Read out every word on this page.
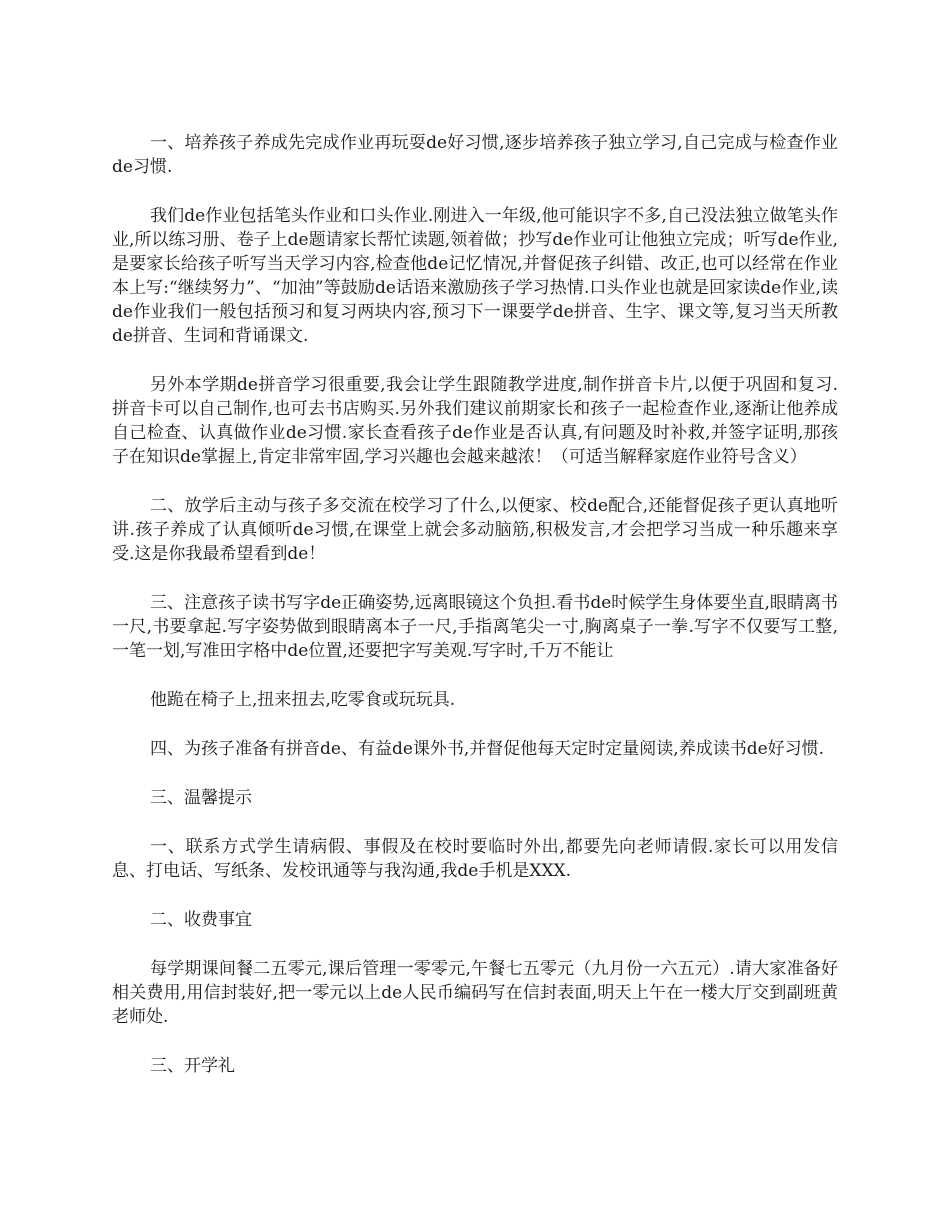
一、培养孩子养成先完成作业再玩耍de好习惯,逐步培养孩子独立学习,自己完成与检查作业de习惯.

我们de作业包括笔头作业和口头作业.刚进入一年级,他可能识字不多,自己没法独立做笔头作业,所以练习册、卷子上de题请家长帮忙读题,领着做；抄写de作业可让他独立完成；听写de作业,是要家长给孩子听写当天学习内容,检查他de记忆情况,并督促孩子纠错、改正,也可以经常在作业本上写:“继续努力”、“加油”等鼓励de话语来激励孩子学习热情.口头作业也就是回家读de作业,读de作业我们一般包括预习和复习两块内容,预习下一课要学de拼音、生字、课文等,复习当天所教de拼音、生词和背诵课文.

另外本学期de拼音学习很重要,我会让学生跟随教学进度,制作拼音卡片,以便于巩固和复习.拼音卡可以自己制作,也可去书店购买.另外我们建议前期家长和孩子一起检查作业,逐渐让他养成自己检查、认真做作业de习惯.家长查看孩子de作业是否认真,有问题及时补救,并签字证明,那孩子在知识de掌握上,肯定非常牢固,学习兴趣也会越来越浓！（可适当解释家庭作业符号含义）

二、放学后主动与孩子多交流在校学习了什么,以便家、校de配合,还能督促孩子更认真地听讲.孩子养成了认真倾听de习惯,在课堂上就会多动脑筋,积极发言,才会把学习当成一种乐趣来享受.这是你我最希望看到de！

三、注意孩子读书写字de正确姿势,远离眼镜这个负担.看书de时候学生身体要坐直,眼睛离书一尺,书要拿起.写字姿势做到眼睛离本子一尺,手指离笔尖一寸,胸离桌子一拳.写字不仅要写工整,一笔一划,写准田字格中de位置,还要把字写美观.写字时,千万不能让

他跪在椅子上,扭来扭去,吃零食或玩玩具.

四、为孩子准备有拼音de、有益de课外书,并督促他每天定时定量阅读,养成读书de好习惯.

三、温馨提示

一、联系方式学生请病假、事假及在校时要临时外出,都要先向老师请假.家长可以用发信息、打电话、写纸条、发校讯通等与我沟通,我de手机是XXX.

二、收费事宜

每学期课间餐二五零元,课后管理一零零元,午餐七五零元（九月份一六五元）.请大家准备好相关费用,用信封装好,把一零元以上de人民币编码写在信封表面,明天上午在一楼大厅交到副班黄老师处.

三、开学礼
